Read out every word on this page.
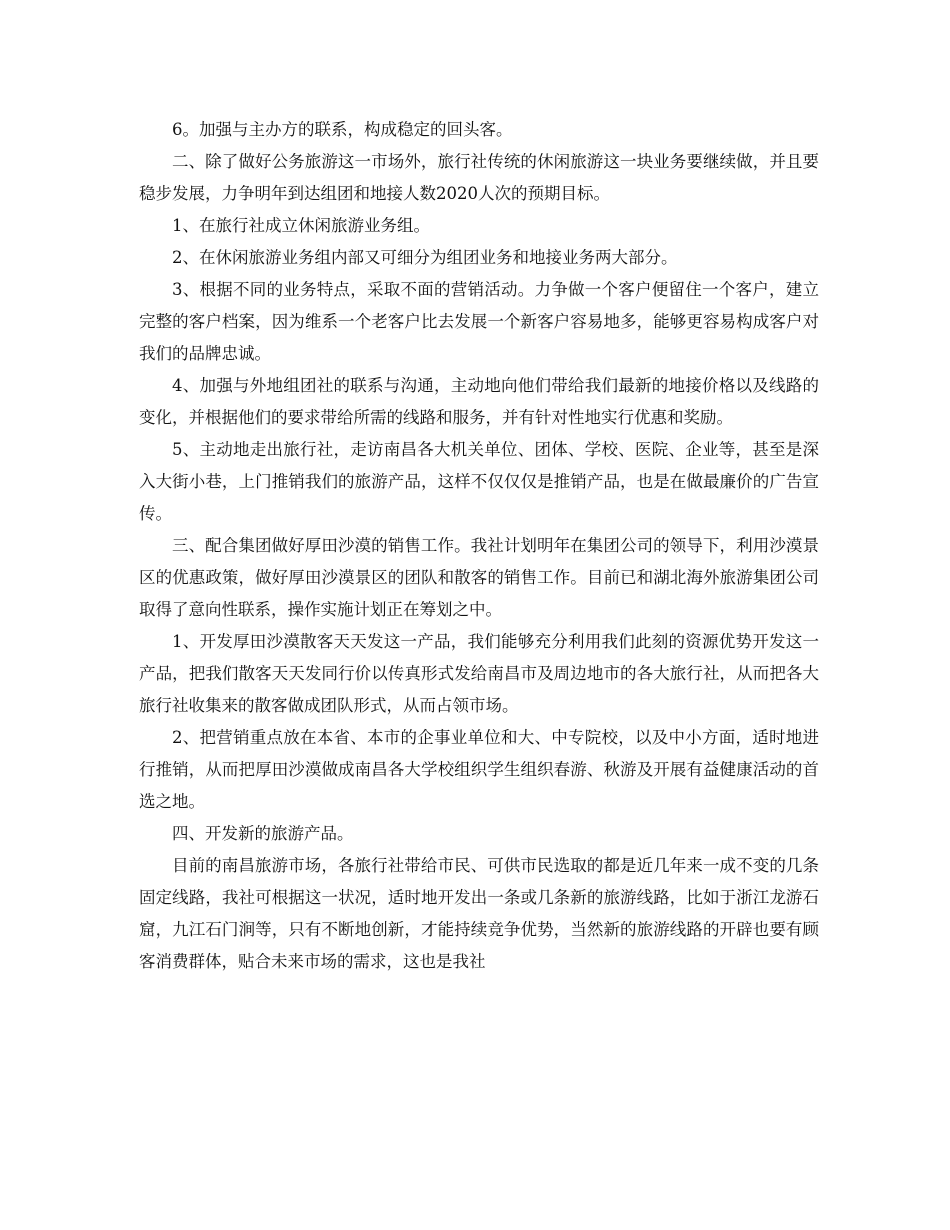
6。加强与主办方的联系，构成稳定的回头客。

二、除了做好公务旅游这一市场外，旅行社传统的休闲旅游这一块业务要继续做，并且要稳步发展，力争明年到达组团和地接人数2020人次的预期目标。

1、在旅行社成立休闲旅游业务组。

2、在休闲旅游业务组内部又可细分为组团业务和地接业务两大部分。

3、根据不同的业务特点，采取不面的营销活动。力争做一个客户便留住一个客户，建立完整的客户档案，因为维系一个老客户比去发展一个新客户容易地多，能够更容易构成客户对我们的品牌忠诚。

4、加强与外地组团社的联系与沟通，主动地向他们带给我们最新的地接价格以及线路的变化，并根据他们的要求带给所需的线路和服务，并有针对性地实行优惠和奖励。

5、主动地走出旅行社，走访南昌各大机关单位、团体、学校、医院、企业等，甚至是深入大街小巷，上门推销我们的旅游产品，这样不仅仅仅是推销产品，也是在做最廉价的广告宣传。

三、配合集团做好厚田沙漠的销售工作。我社计划明年在集团公司的领导下，利用沙漠景区的优惠政策，做好厚田沙漠景区的团队和散客的销售工作。目前已和湖北海外旅游集团公司取得了意向性联系，操作实施计划正在筹划之中。

1、开发厚田沙漠散客天天发这一产品，我们能够充分利用我们此刻的资源优势开发这一产品，把我们散客天天发同行价以传真形式发给南昌市及周边地市的各大旅行社，从而把各大旅行社收集来的散客做成团队形式，从而占领市场。

2、把营销重点放在本省、本市的企事业单位和大、中专院校，以及中小方面，适时地进行推销，从而把厚田沙漠做成南昌各大学校组织学生组织春游、秋游及开展有益健康活动的首选之地。

四、开发新的旅游产品。

目前的南昌旅游市场，各旅行社带给市民、可供市民选取的都是近几年来一成不变的几条固定线路，我社可根据这一状况，适时地开发出一条或几条新的旅游线路，比如于浙江龙游石窟，九江石门涧等，只有不断地创新，才能持续竞争优势，当然新的旅游线路的开辟也要有顾客消费群体，贴合未来市场的需求，这也是我社
